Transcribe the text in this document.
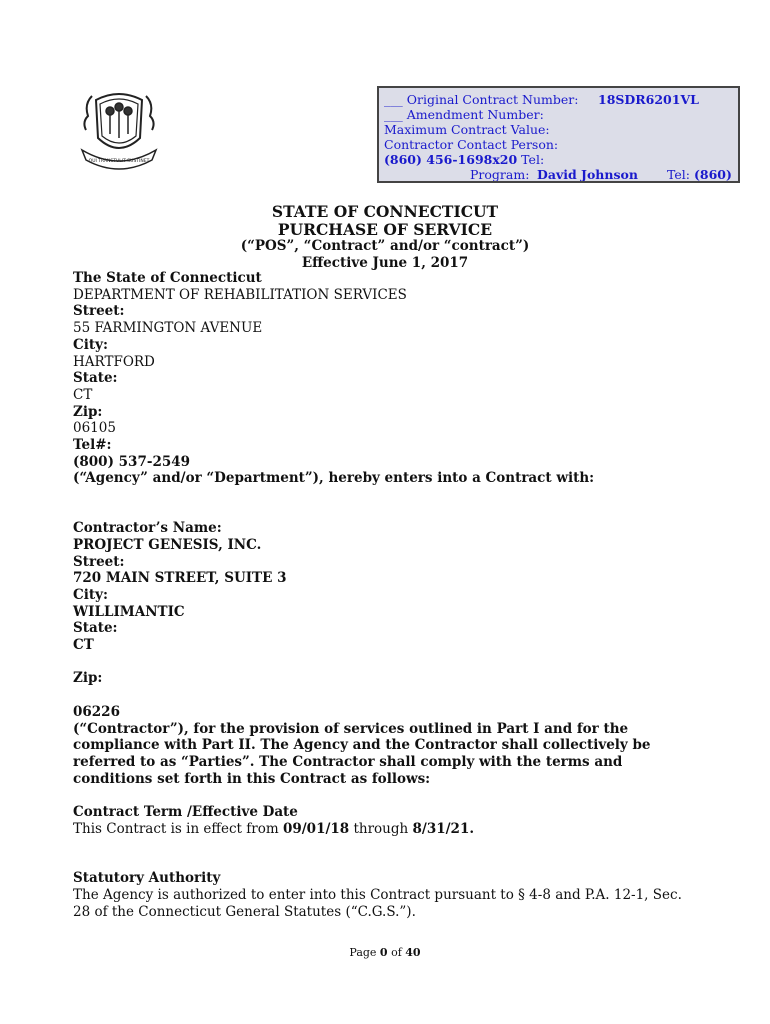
QUI TRANSTULIT SUSTINET
___ Original Contract Number: 18SDR6201VL
___ Amendment Number:
Maximum Contract Value:
Contractor Contact Person:
(860) 456-1698x20 Tel:
Program: David Johnson Tel: (860)
STATE OF CONNECTICUT
PURCHASE OF SERVICE
(“POS”, “Contract” and/or “contract”)
Effective June 1, 2017
The State of Connecticut
DEPARTMENT OF REHABILITATION SERVICES
Street:
55 FARMINGTON AVENUE
City:
HARTFORD
State:
CT
Zip:
06105
Tel#:
(800) 537-2549
(“Agency” and/or “Department”), hereby enters into a Contract with:
Contractor’s Name:
PROJECT GENESIS, INC.
Street:
720 MAIN STREET, SUITE 3
City:
WILLIMANTIC
State:
CT
Zip:
06226
(“Contractor”), for the provision of services outlined in Part I and for the
compliance with Part II. The Agency and the Contractor shall collectively be
referred to as “Parties”. The Contractor shall comply with the terms and
conditions set forth in this Contract as follows:
Contract Term /Effective Date
This Contract is in effect from 09/01/18 through 8/31/21.
Statutory Authority
The Agency is authorized to enter into this Contract pursuant to § 4-8 and P.A. 12-1, Sec.
28 of the Connecticut General Statutes (“C.G.S.”).
Page 0 of 40
